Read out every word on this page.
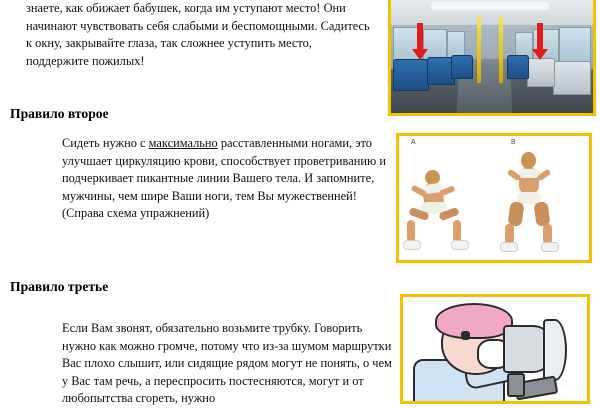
знаете, как обижает бабушек, когда им уступают место! Они начинают чувствовать себя слабыми и беспомощными. Садитесь к окну, закрывайте глаза, так сложнее уступить место, поддержите пожилых!
Правило второе
Сидеть нужно с максимально расставленными ногами, это улучшает циркуляцию крови, способствует проветриванию и подчеркивает пикантные линии Вашего тела. И запомните, мужчины, чем шире Ваши ноги, тем Вы мужественней! (Справа схема упражнений)
Правило третье
Если Вам звонят, обязательно возьмите трубку. Говорить нужно как можно громче, потому что из-за шумом маршрутки Вас плохо слышит, или сидящие рядом могут не понять, о чем у Вас там речь, а переспросить постесняются, могут и от любопытства сгореть, нужно
A	B
